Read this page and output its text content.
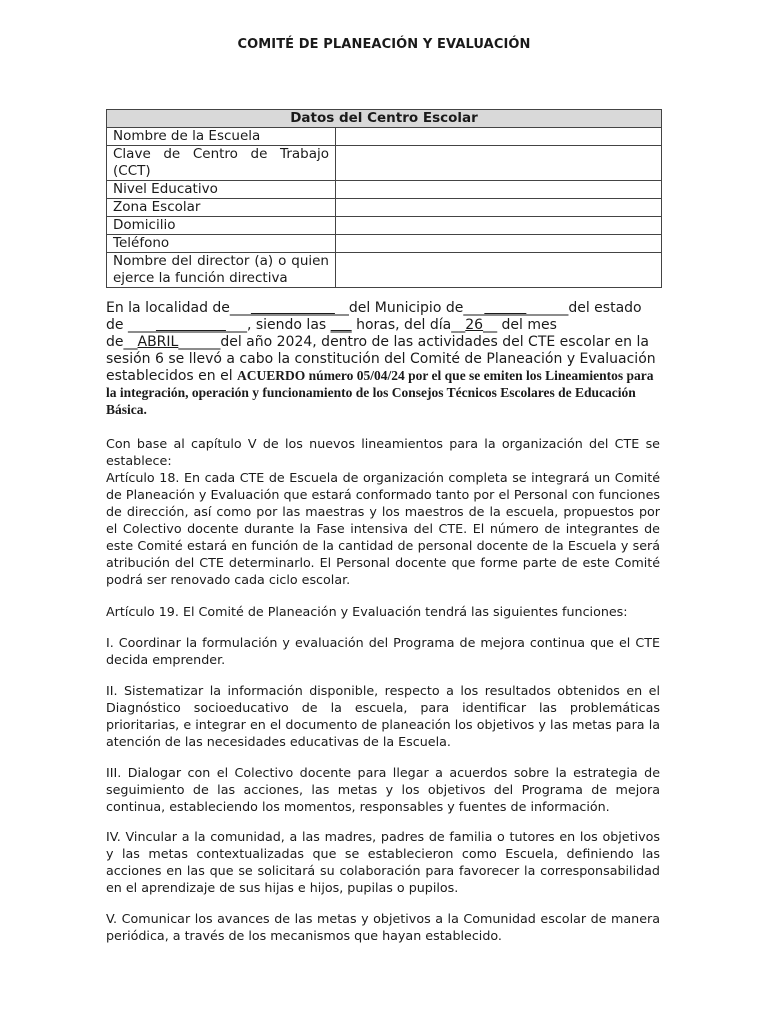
COMITÉ DE PLANEACIÓN Y EVALUACIÓN
Datos del Centro Escolar	
Nombre de la Escuela	
Clave de Centro de Trabajo (CCT)	
Nivel Educativo	
Zona Escolar	
Domicilio	
Teléfono	
Nombre del director (a) o quien ejerce la función directiva	
En la localidad de_________________del Municipio de_______________del estado de _________________, siendo las ___ horas, del día__26__ del mes de__ABRIL______del año 2024, dentro de las actividades del CTE escolar en la sesión 6 se llevó a cabo la constitución del Comité de Planeación y Evaluación establecidos en el ACUERDO número 05/04/24 por el que se emiten los Lineamientos para la integración, operación y funcionamiento de los Consejos Técnicos Escolares de Educación Básica.

Con base al capítulo V de los nuevos lineamientos para la organización del CTE se establece:

Artículo 18. En cada CTE de Escuela de organización completa se integrará un Comité de Planeación y Evaluación que estará conformado tanto por el Personal con funciones de dirección, así como por las maestras y los maestros de la escuela, propuestos por el Colectivo docente durante la Fase intensiva del CTE. El número de integrantes de este Comité estará en función de la cantidad de personal docente de la Escuela y será atribución del CTE determinarlo. El Personal docente que forme parte de este Comité podrá ser renovado cada ciclo escolar.

Artículo 19. El Comité de Planeación y Evaluación tendrá las siguientes funciones:

I. Coordinar la formulación y evaluación del Programa de mejora continua que el CTE decida emprender.

II. Sistematizar la información disponible, respecto a los resultados obtenidos en el Diagnóstico socioeducativo de la escuela, para identificar las problemáticas prioritarias, e integrar en el documento de planeación los objetivos y las metas para la atención de las necesidades educativas de la Escuela.

III. Dialogar con el Colectivo docente para llegar a acuerdos sobre la estrategia de seguimiento de las acciones, las metas y los objetivos del Programa de mejora continua, estableciendo los momentos, responsables y fuentes de información.

IV. Vincular a la comunidad, a las madres, padres de familia o tutores en los objetivos y las metas contextualizadas que se establecieron como Escuela, definiendo las acciones en las que se solicitará su colaboración para favorecer la corresponsabilidad en el aprendizaje de sus hijas e hijos, pupilas o pupilos.

V. Comunicar los avances de las metas y objetivos a la Comunidad escolar de manera periódica, a través de los mecanismos que hayan establecido.
